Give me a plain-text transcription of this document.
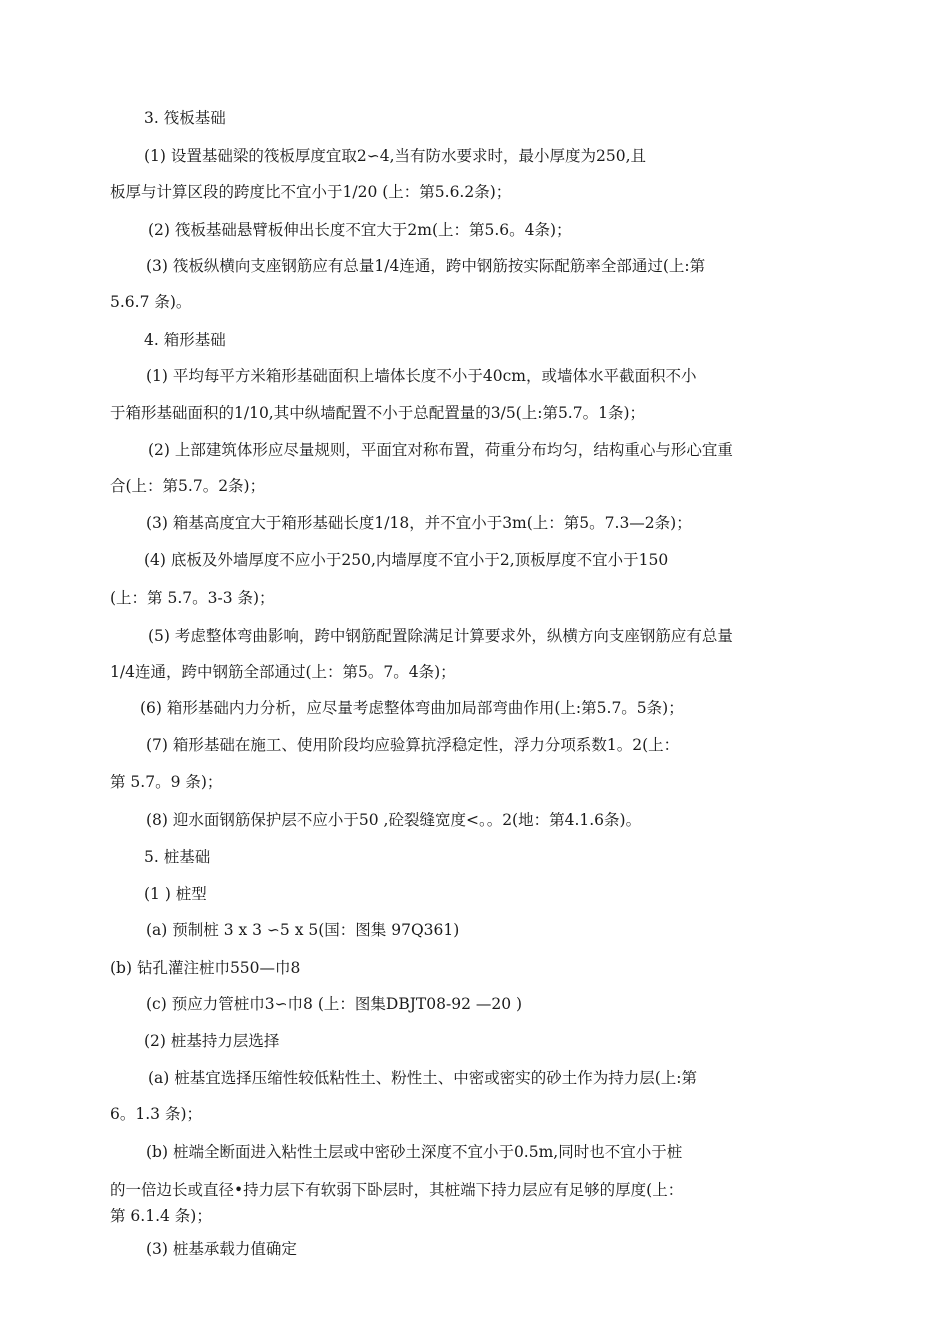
3. 筏板基础
(1) 设置基础梁的筏板厚度宜取2∽4,当有防水要求时，最小厚度为250,且
板厚与计算区段的跨度比不宜小于1/20 (上：第5.6.2条)；
(2) 筏板基础悬臂板伸出长度不宜大于2m(上：第5.6。4条)；
(3) 筏板纵横向支座钢筋应有总量1/4连通，跨中钢筋按实际配筋率全部通过(上:第
5.6.7 条)。
4. 箱形基础
(1) 平均每平方米箱形基础面积上墙体长度不小于40cm，或墙体水平截面积不小
于箱形基础面积的1/10,其中纵墙配置不小于总配置量的3/5(上:第5.7。1条)；
(2) 上部建筑体形应尽量规则，平面宜对称布置，荷重分布均匀，结构重心与形心宜重
合(上：第5.7。2条)；
(3) 箱基高度宜大于箱形基础长度1/18，并不宜小于3m(上：第5。7.3—2条)；
(4) 底板及外墙厚度不应小于250,内墙厚度不宜小于2,顶板厚度不宜小于150
(上：第 5.7。3-3 条)；
(5) 考虑整体弯曲影响，跨中钢筋配置除满足计算要求外，纵横方向支座钢筋应有总量
1/4连通，跨中钢筋全部通过(上：第5。7。4条)；
(6) 箱形基础内力分析，应尽量考虑整体弯曲加局部弯曲作用(上:第5.7。5条)；
(7) 箱形基础在施工、使用阶段均应验算抗浮稳定性，浮力分项系数1。2(上：
第 5.7。9 条)；
(8) 迎水面钢筋保护层不应小于50 ,砼裂缝宽度<。。2(地：第4.1.6条)。
5. 桩基础
(1 ) 桩型
(a) 预制桩 3 x 3 ∽5 x 5(国：图集 97Q361)
(b) 钻孔灌注桩巾550—巾8
(c) 预应力管桩巾3∽巾8 (上：图集DBJT08-92 —20 )
(2) 桩基持力层选择
(a) 桩基宜选择压缩性较低粘性土、粉性土、中密或密实的砂土作为持力层(上:第
6。1.3 条)；
(b) 桩端全断面进入粘性土层或中密砂土深度不宜小于0.5m,同时也不宜小于桩
的一倍边长或直径•持力层下有软弱下卧层时，其桩端下持力层应有足够的厚度(上：
第 6.1.4 条)；
(3) 桩基承载力值确定
